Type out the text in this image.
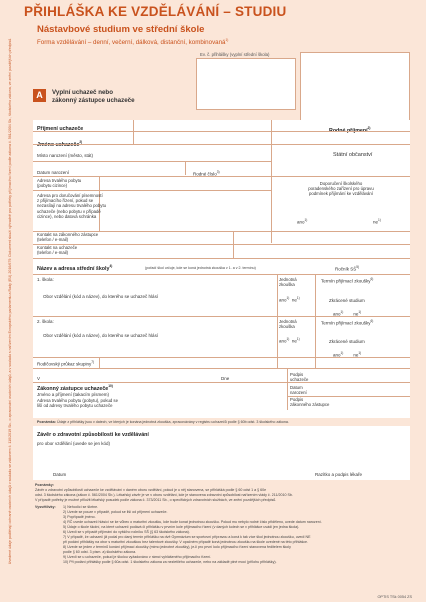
Uvedené údaje podléhají ochraně osobních údajů v souladu se zákonem č. 110/2019 Sb., o zpracování osobních údajů, a v souladu s nařízením Evropského parlamentu a Rady (EU) 2016/679. Dokument slouží výhradně pro potřeby přijímacího řízení podle zákona č. 561/2004 Sb., školského zákona, ve znění pozdějších předpisů.
PŘIHLÁŠKA KE VZDĚLÁVÁNÍ – STUDIU
Nástavbové studium ve střední škole
Forma vzdělávání – denní, večerní, dálková, distanční, kombinovaná$^{1)}$
Ev. č. přihlášky (vyplní střední škola)
A	Vyplní uchazeč nebo
zákonný zástupce uchazeče
Příjmení uchazeče	Rodné příjmení$^{2)}$
Jméno uchazeče$^{2)}$
Místo narození (město, stát)	Státní občanství
Datum narození	Rodné číslo$^{3)}$
Adresa trvalého pobytu
(pobytu cizince)
Adresa pro doručování písemností
z přijímacího řízení, pokud se
nezasílají na adresu trvalého pobytu
uchazeče (nebo pobytu v případě
cizince), nebo datová schránka
Doporučení školského
poradenského zařízení pro úpravu
podmínek přijímání ke vzdělávání
ano$^{1)}$	$ne^{1)}$
Kontakt na zákonného zástupce
(telefon / e-mail)
Kontakt na uchazeče
(telefon / e-mail)
Název a adresa střední školy$^{4)}$	(pořadí škol určuje, kde se koná jednotná zkouška v 1. a v 2. termínu)	Ročník SŠ$^{5)}$
1. škola:
Obor vzdělání (kód a název), do kterého se uchazeč hlásí
Jednotná
zkouška
ano$^{1)}$ $ne^{1)}$
Termín přijímací zkoušky$^{6)}$
Zkrácené studium
ano$^{1)}$ $ne^{1)}$
2. škola:
Obor vzdělání (kód a název), do kterého se uchazeč hlásí
Jednotná
zkouška
ano$^{1)}$ $ne^{1)}$
Termín přijímací zkoušky$^{6)}$
Zkrácené studium
ano$^{1)}$ $ne^{1)}$
Rodičovský průkaz skupiny$^{7)}$
V	Dne
Podpis
uchazeče
Zákonný zástupce uchazeče$^{10)}$
Jméno a příjmení (takacím písmem)
Adresa trvalého pobytu (pobytu), pokud se
liší od adresy trvalého pobytu uchazeče
Datum
narození
Podpis
zákonného zástupce
Poznámka: Údaje z přihlášky jsou v datech, ve kterých je konána jednotná zkouška, zpracovávány v registru uchazečů podle § 60b odst. 3 školského zákona.
Závěr o zdravotní způsobilosti ke vzdělávání
pro obor vzdělání (uvede se jen kód)
Datum	Razítko a podpis lékaře
Poznámky:
Závěr o zdravotní způsobilosti uchazeče ke vzdělávání v daném oboru vzdělání, pokud je u něj stanovena, se přihlášká podle § 60 odst 1 a § 60e
odst. 3 školského zákona (zákon č. 561/2004 Sb.). Lékařský závěr je ve v oboru vzdělání, kde je stanovena zdravotní způsobilost nařízením vlády č. 211/2010 Sb.
V případě potřeby je možné přiložit lékařský posudek podle zákona č. 373/2011 Sb., o specifických zdravotních službách, ve znění pozdějších předpisů.
Vysvětlivky: 1) Nehodící se škrtne.
2) Uvede se pouze v případě, pokud se liší od příjmení uchazeče.
3) Popřípadě jméno.
4) RČ uvede uchazeč hlásící se ke vůbec o maturitní zkoušku, kde bude konat jednotnou zkoušku. Pokud mu nebylo rodné číslo přiděleno, uvede datum narození.
5) Údaje o škole školní, na které uchazeč podává či přihlášku v prvním kole přijímacího řízení (v daných kolech se v přihlášce uvádí jen jedna škola).
6) Uvedí se v případě přijímání do vyššího ročníku SŠ (§ 63 školského zákona).
7) V případě, že uchazeč již podal pro daný termín přihlášku na dvě Gymnázium se sportovní přípravou a koná k tak více škol jednotnou zkoušku, uvedí NE
při podání přihlášky na obor s maturitní zkouškou bez talentové zkoušky. V opačném případě koná jednotnou zkoušku na škole uvedené na této přihlášce.
8) Uvede se jeden z termínů konání přijímací zkoušky (mimo jednotné zkoušky), je-li pro první kolo přijímacího řízení stanovena ředitelem školy
podle § 60 odst. 3 písm. a) školského zákona.
9) Uvedí se u uchazeče, pokud je školou vyžadováno v rámci vyhlášeného přijímacího řízení.
10) Při podání přihlášky podle § 60a odst. 1 školského zákona za nezletilého uchazeče, nebo na základě plné moci (přílohu přihlášky).
OPTIS TSk 0054 ZS
